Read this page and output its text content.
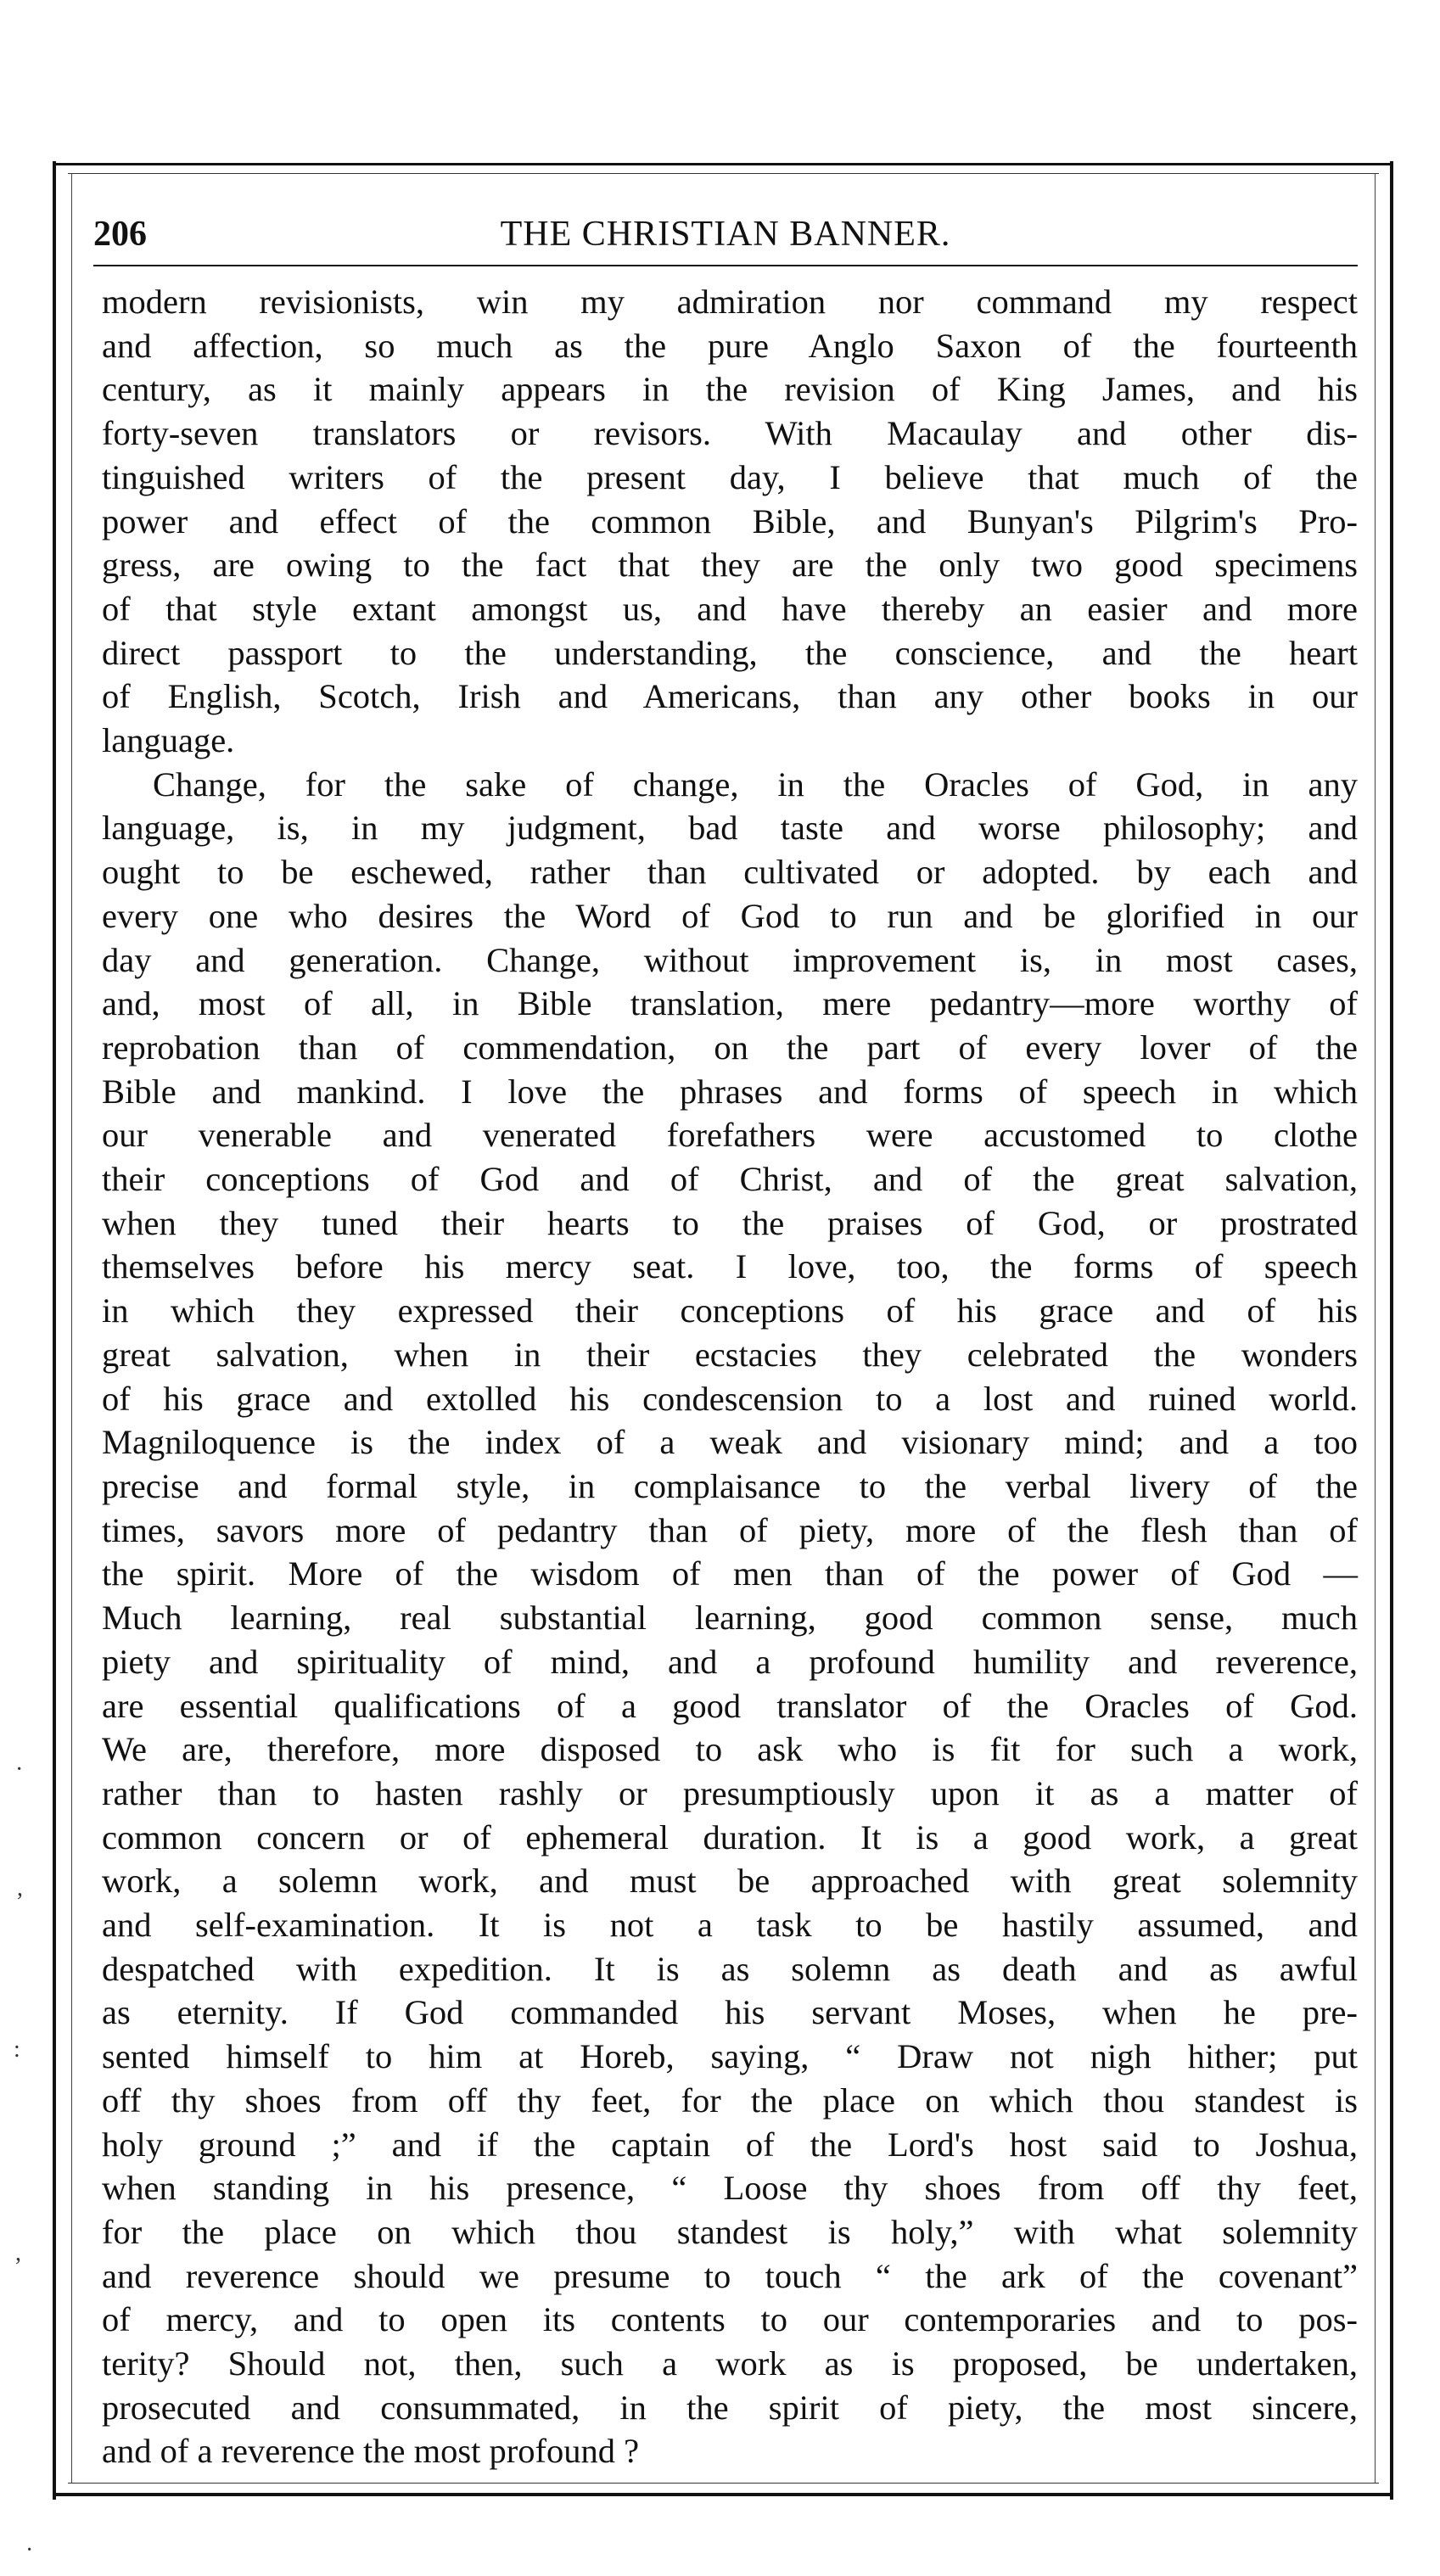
206	THE CHRISTIAN BANNER.
modern revisionists, win my admiration nor command my respect
and affection, so much as the pure Anglo Saxon of the fourteenth
century, as it mainly appears in the revision of King James, and his
forty-seven translators or revisors. With Macaulay and other dis-
tinguished writers of the present day, I believe that much of the
power and effect of the common Bible, and Bunyan's Pilgrim's Pro-
gress, are owing to the fact that they are the only two good specimens
of that style extant amongst us, and have thereby an easier and more
direct passport to the understanding, the conscience, and the heart
of English, Scotch, Irish and Americans, than any other books in our
language.
Change, for the sake of change, in the Oracles of God, in any
language, is, in my judgment, bad taste and worse philosophy; and
ought to be eschewed, rather than cultivated or adopted. by each and
every one who desires the Word of God to run and be glorified in our
day and generation. Change, without improvement is, in most cases,
and, most of all, in Bible translation, mere pedantry—more worthy of
reprobation than of commendation, on the part of every lover of the
Bible and mankind. I love the phrases and forms of speech in which
our venerable and venerated forefathers were accustomed to clothe
their conceptions of God and of Christ, and of the great salvation,
when they tuned their hearts to the praises of God, or prostrated
themselves before his mercy seat. I love, too, the forms of speech
in which they expressed their conceptions of his grace and of his
great salvation, when in their ecstacies they celebrated the wonders
of his grace and extolled his condescension to a lost and ruined world.
Magniloquence is the index of a weak and visionary mind; and a too
precise and formal style, in complaisance to the verbal livery of the
times, savors more of pedantry than of piety, more of the flesh than of
the spirit. More of the wisdom of men than of the power of God —
Much learning, real substantial learning, good common sense, much
piety and spirituality of mind, and a profound humility and reverence,
are essential qualifications of a good translator of the Oracles of God.
We are, therefore, more disposed to ask who is fit for such a work,
rather than to hasten rashly or presumptiously upon it as a matter of
common concern or of ephemeral duration. It is a good work, a great
work, a solemn work, and must be approached with great solemnity
and self-examination. It is not a task to be hastily assumed, and
despatched with expedition. It is as solemn as death and as awful
as eternity. If God commanded his servant Moses, when he pre-
sented himself to him at Horeb, saying, “ Draw not nigh hither; put
off thy shoes from off thy feet, for the place on which thou standest is
holy ground ;” and if the captain of the Lord's host said to Joshua,
when standing in his presence, “ Loose thy shoes from off thy feet,
for the place on which thou standest is holy,” with what solemnity
and reverence should we presume to touch “ the ark of the covenant”
of mercy, and to open its contents to our contemporaries and to pos-
terity? Should not, then, such a work as is proposed, be undertaken,
prosecuted and consummated, in the spirit of piety, the most sincere,
and of a reverence the most profound ?
·
,
:
,
·
